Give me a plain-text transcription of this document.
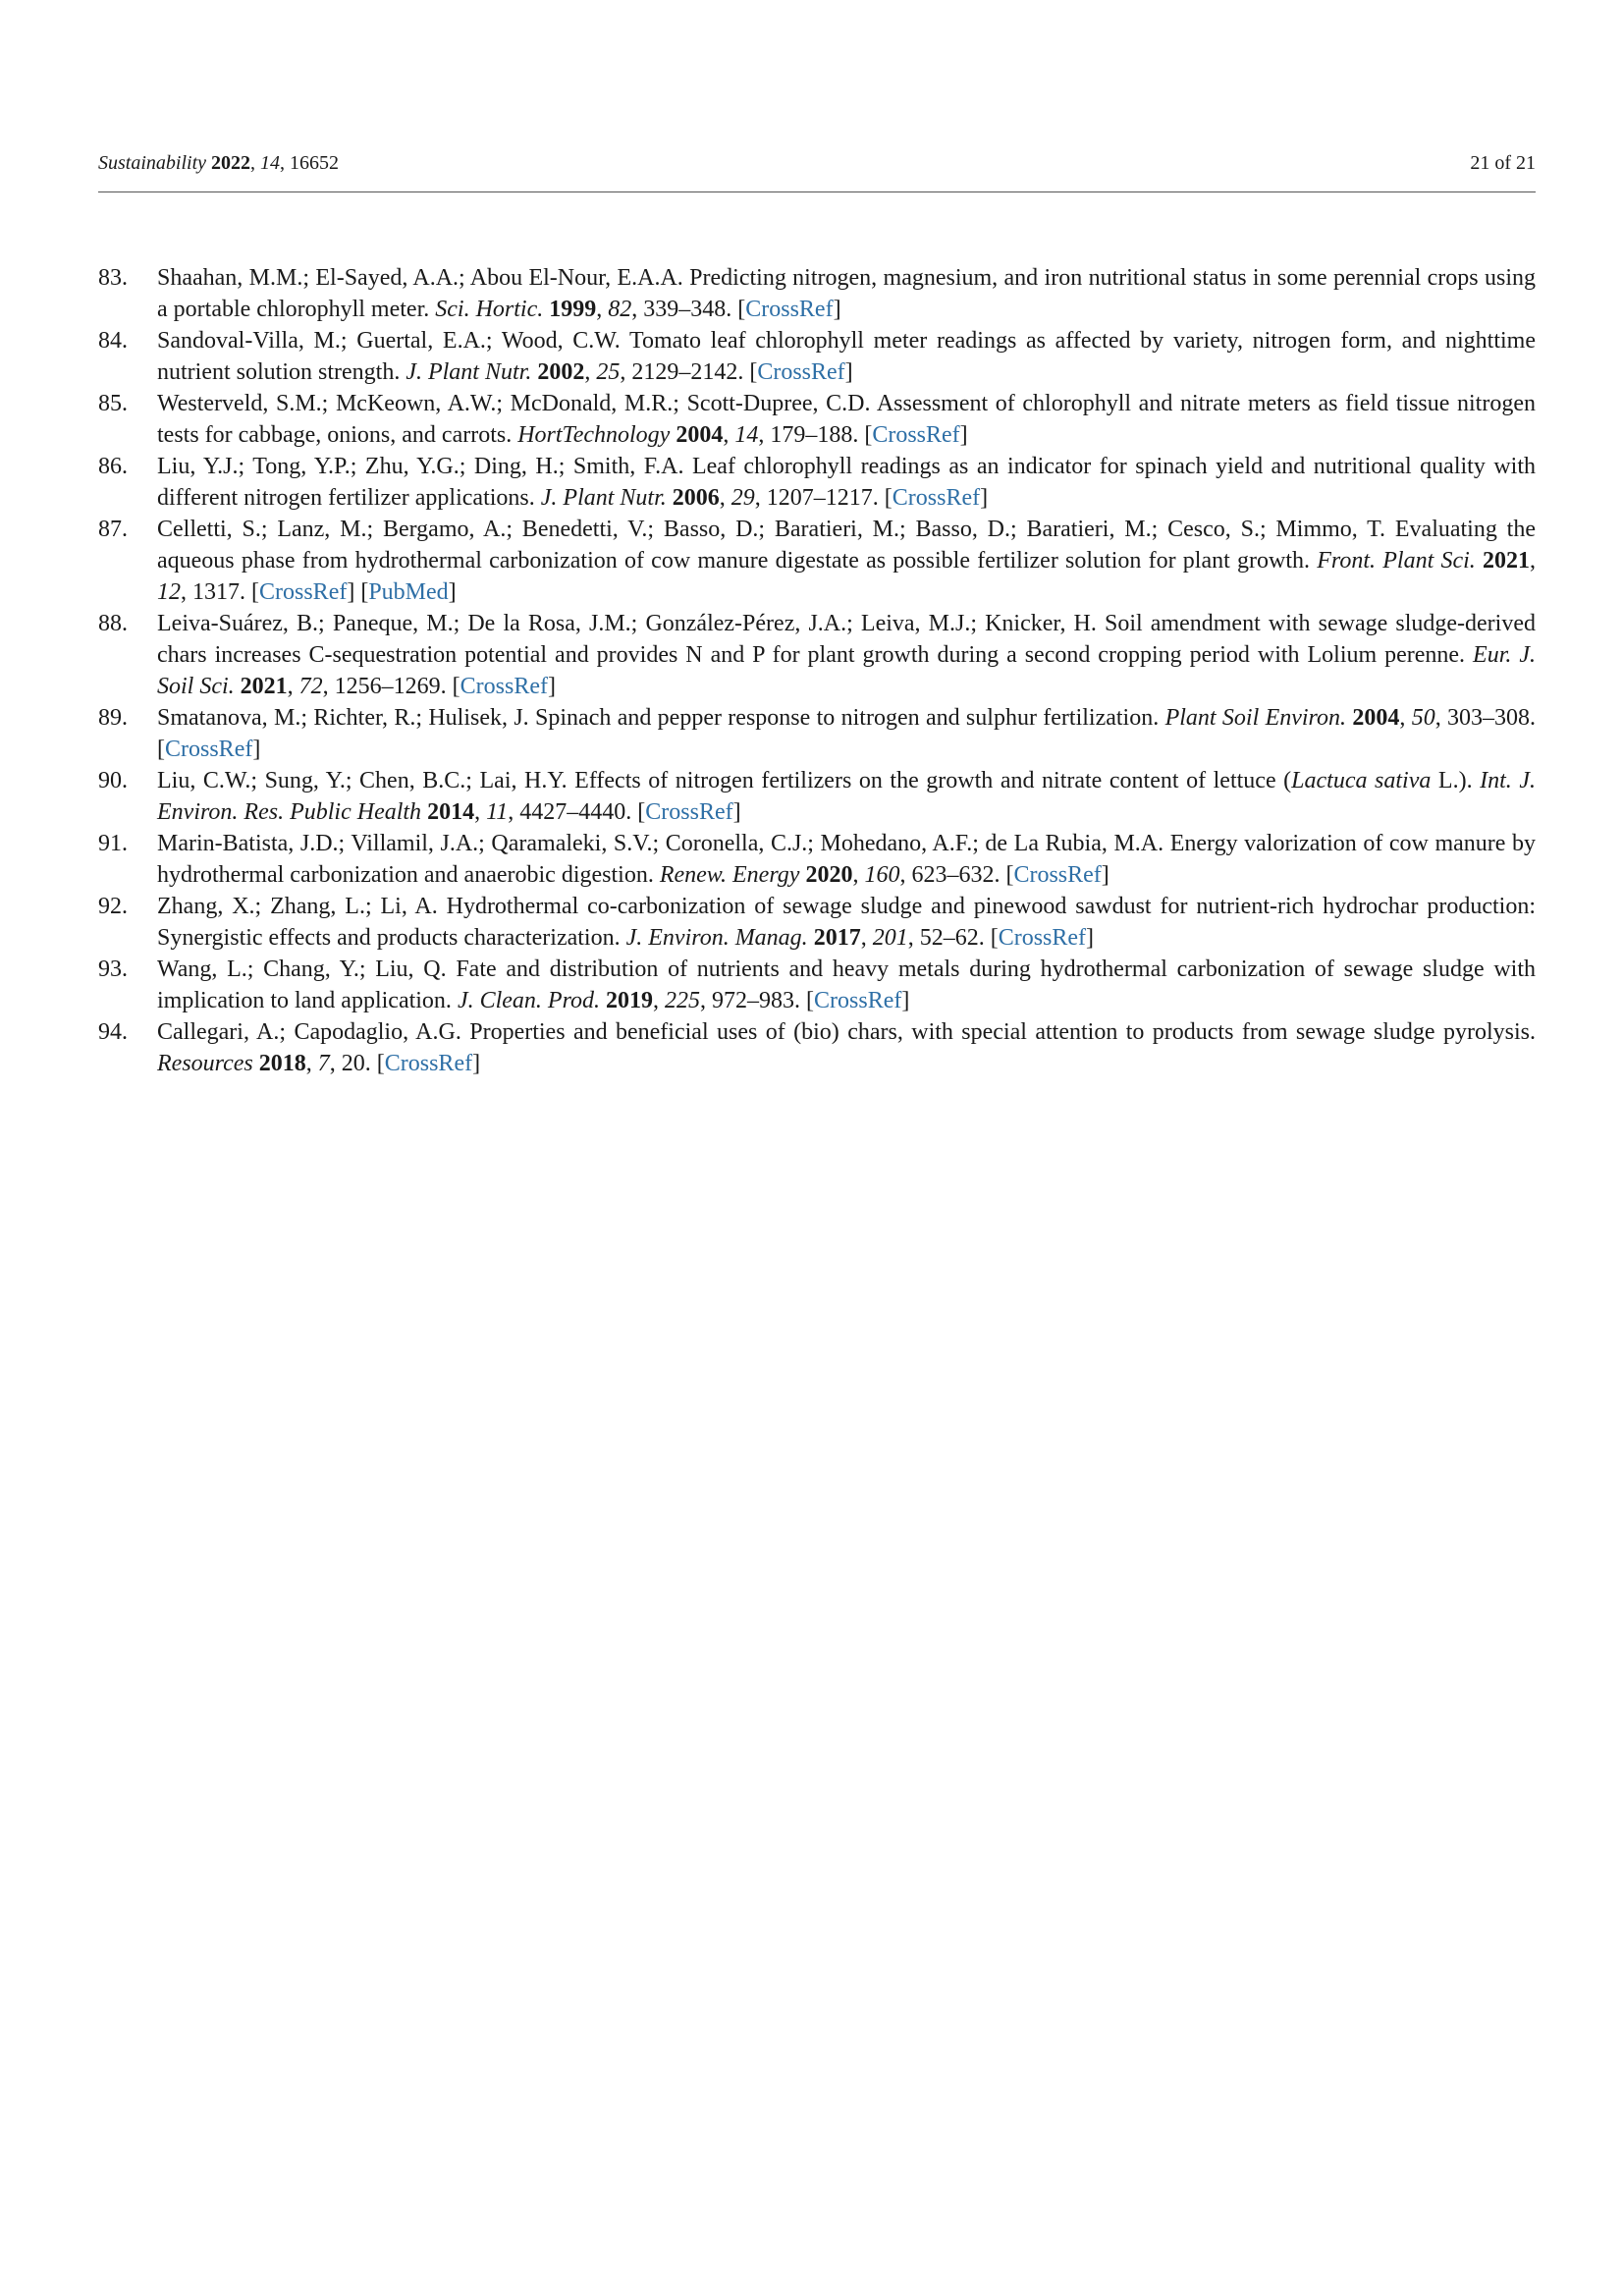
Sustainability 2022, 14, 16652	21 of 21
83. Shaahan, M.M.; El-Sayed, A.A.; Abou El-Nour, E.A.A. Predicting nitrogen, magnesium, and iron nutritional status in some perennial crops using a portable chlorophyll meter. Sci. Hortic. 1999, 82, 339–348. [CrossRef]
84. Sandoval-Villa, M.; Guertal, E.A.; Wood, C.W. Tomato leaf chlorophyll meter readings as affected by variety, nitrogen form, and nighttime nutrient solution strength. J. Plant Nutr. 2002, 25, 2129–2142. [CrossRef]
85. Westerveld, S.M.; McKeown, A.W.; McDonald, M.R.; Scott-Dupree, C.D. Assessment of chlorophyll and nitrate meters as field tissue nitrogen tests for cabbage, onions, and carrots. HortTechnology 2004, 14, 179–188. [CrossRef]
86. Liu, Y.J.; Tong, Y.P.; Zhu, Y.G.; Ding, H.; Smith, F.A. Leaf chlorophyll readings as an indicator for spinach yield and nutritional quality with different nitrogen fertilizer applications. J. Plant Nutr. 2006, 29, 1207–1217. [CrossRef]
87. Celletti, S.; Lanz, M.; Bergamo, A.; Benedetti, V.; Basso, D.; Baratieri, M.; Basso, D.; Baratieri, M.; Cesco, S.; Mimmo, T. Evaluating the aqueous phase from hydrothermal carbonization of cow manure digestate as possible fertilizer solution for plant growth. Front. Plant Sci. 2021, 12, 1317. [CrossRef] [PubMed]
88. Leiva-Suárez, B.; Paneque, M.; De la Rosa, J.M.; González-Pérez, J.A.; Leiva, M.J.; Knicker, H. Soil amendment with sewage sludge-derived chars increases C-sequestration potential and provides N and P for plant growth during a second cropping period with Lolium perenne. Eur. J. Soil Sci. 2021, 72, 1256–1269. [CrossRef]
89. Smatanova, M.; Richter, R.; Hulisek, J. Spinach and pepper response to nitrogen and sulphur fertilization. Plant Soil Environ. 2004, 50, 303–308. [CrossRef]
90. Liu, C.W.; Sung, Y.; Chen, B.C.; Lai, H.Y. Effects of nitrogen fertilizers on the growth and nitrate content of lettuce (Lactuca sativa L.). Int. J. Environ. Res. Public Health 2014, 11, 4427–4440. [CrossRef]
91. Marin-Batista, J.D.; Villamil, J.A.; Qaramaleki, S.V.; Coronella, C.J.; Mohedano, A.F.; de La Rubia, M.A. Energy valorization of cow manure by hydrothermal carbonization and anaerobic digestion. Renew. Energy 2020, 160, 623–632. [CrossRef]
92. Zhang, X.; Zhang, L.; Li, A. Hydrothermal co-carbonization of sewage sludge and pinewood sawdust for nutrient-rich hydrochar production: Synergistic effects and products characterization. J. Environ. Manag. 2017, 201, 52–62. [CrossRef]
93. Wang, L.; Chang, Y.; Liu, Q. Fate and distribution of nutrients and heavy metals during hydrothermal carbonization of sewage sludge with implication to land application. J. Clean. Prod. 2019, 225, 972–983. [CrossRef]
94. Callegari, A.; Capodaglio, A.G. Properties and beneficial uses of (bio) chars, with special attention to products from sewage sludge pyrolysis. Resources 2018, 7, 20. [CrossRef]
